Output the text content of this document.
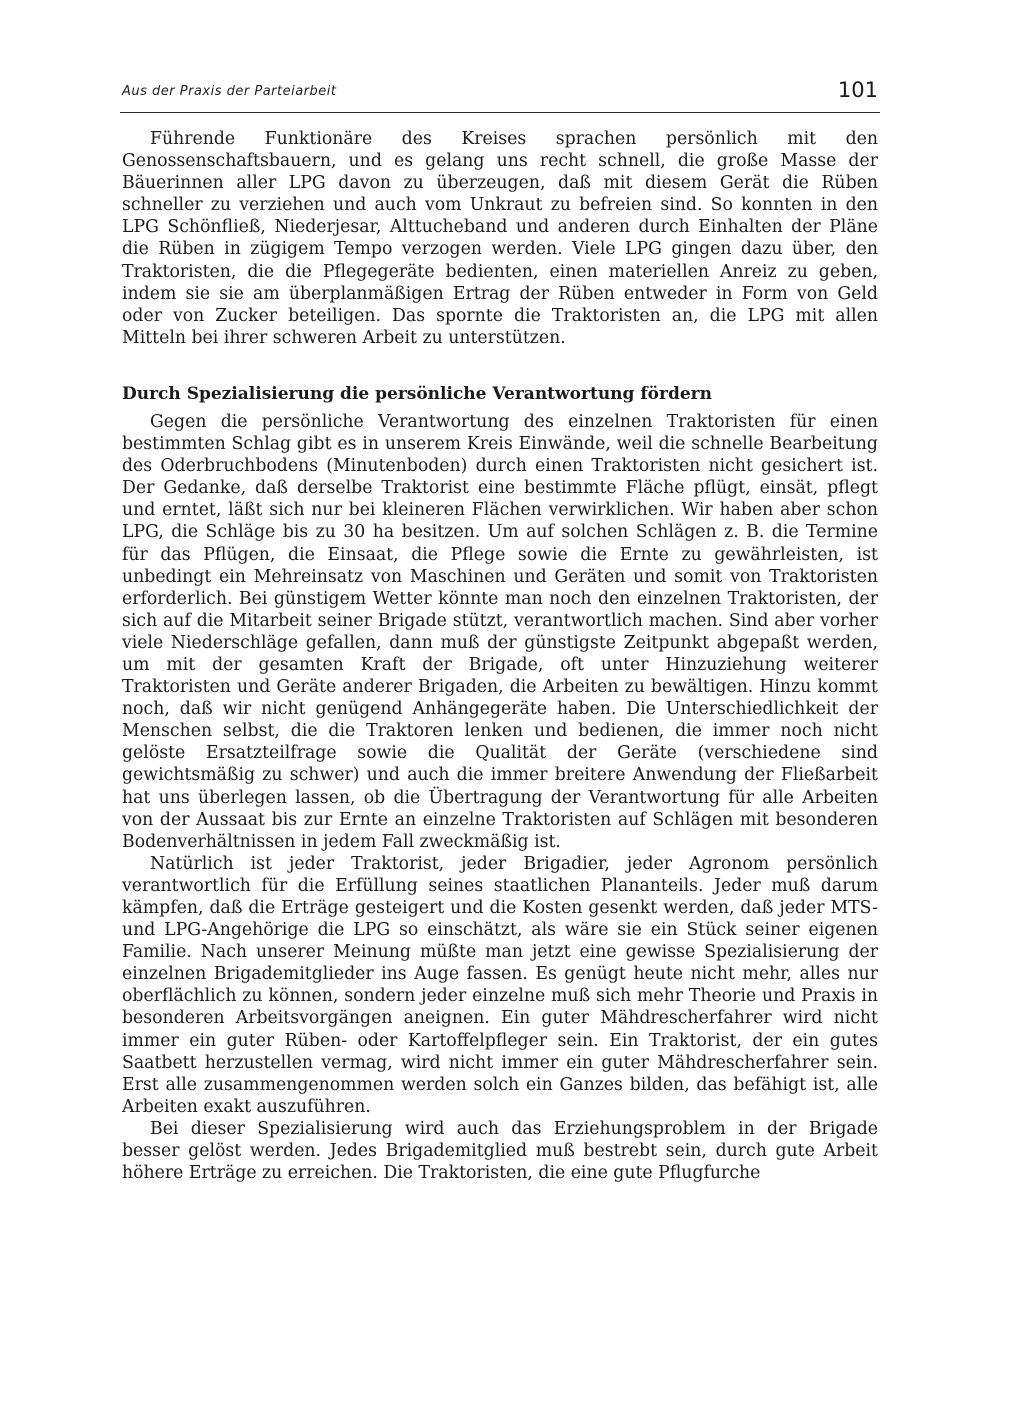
Aus der Praxis der Parteiarbeit	101

Führende Funktionäre des Kreises sprachen persönlich mit den Genossenschaftsbauern, und es gelang uns recht schnell, die große Masse der Bäuerinnen aller LPG davon zu überzeugen, daß mit diesem Gerät die Rüben schneller zu verziehen und auch vom Unkraut zu befreien sind. So konnten in den LPG Schönfließ, Niederjesar, Alttucheband und anderen durch Einhalten der Pläne die Rüben in zügigem Tempo verzogen werden. Viele LPG gingen dazu über, den Traktoristen, die die Pflegegeräte bedienten, einen materiellen Anreiz zu geben, indem sie sie am überplanmäßigen Ertrag der Rüben entweder in Form von Geld oder von Zucker beteiligen. Das spornte die Traktoristen an, die LPG mit allen Mitteln bei ihrer schweren Arbeit zu unterstützen.

Durch Spezialisierung die persönliche Verantwortung fördern

Gegen die persönliche Verantwortung des einzelnen Traktoristen für einen bestimmten Schlag gibt es in unserem Kreis Einwände, weil die schnelle Bearbeitung des Oderbruchbodens (Minutenboden) durch einen Traktoristen nicht gesichert ist. Der Gedanke, daß derselbe Traktorist eine bestimmte Fläche pflügt, einsät, pflegt und erntet, läßt sich nur bei kleineren Flächen verwirklichen. Wir haben aber schon LPG, die Schläge bis zu 30 ha besitzen. Um auf solchen Schlägen z. B. die Termine für das Pflügen, die Einsaat, die Pflege sowie die Ernte zu gewährleisten, ist unbedingt ein Mehreinsatz von Maschinen und Geräten und somit von Traktoristen erforderlich. Bei günstigem Wetter könnte man noch den einzelnen Traktoristen, der sich auf die Mitarbeit seiner Brigade stützt, verantwortlich machen. Sind aber vorher viele Niederschläge gefallen, dann muß der günstigste Zeitpunkt abgepaßt werden, um mit der gesamten Kraft der Brigade, oft unter Hinzuziehung weiterer Traktoristen und Geräte anderer Brigaden, die Arbeiten zu bewältigen. Hinzu kommt noch, daß wir nicht genügend Anhängegeräte haben. Die Unterschiedlichkeit der Menschen selbst, die die Traktoren lenken und bedienen, die immer noch nicht gelöste Ersatzteilfrage sowie die Qualität der Geräte (verschiedene sind gewichtsmäßig zu schwer) und auch die immer breitere Anwendung der Fließarbeit hat uns überlegen lassen, ob die Übertragung der Verantwortung für alle Arbeiten von der Aussaat bis zur Ernte an einzelne Traktoristen auf Schlägen mit besonderen Bodenverhältnissen in jedem Fall zweckmäßig ist.

Natürlich ist jeder Traktorist, jeder Brigadier, jeder Agronom persönlich verantwortlich für die Erfüllung seines staatlichen Plananteils. Jeder muß darum kämpfen, daß die Erträge gesteigert und die Kosten gesenkt werden, daß jeder MTS- und LPG-Angehörige die LPG so einschätzt, als wäre sie ein Stück seiner eigenen Familie. Nach unserer Meinung müßte man jetzt eine gewisse Spezialisierung der einzelnen Brigademitglieder ins Auge fassen. Es genügt heute nicht mehr, alles nur oberflächlich zu können, sondern jeder einzelne muß sich mehr Theorie und Praxis in besonderen Arbeitsvorgängen aneignen. Ein guter Mähdrescherfahrer wird nicht immer ein guter Rüben- oder Kartoffelpfleger sein. Ein Traktorist, der ein gutes Saatbett herzustellen vermag, wird nicht immer ein guter Mähdrescherfahrer sein. Erst alle zusammengenommen werden solch ein Ganzes bilden, das befähigt ist, alle Arbeiten exakt auszuführen.

Bei dieser Spezialisierung wird auch das Erziehungsproblem in der Brigade besser gelöst werden. Jedes Brigademitglied muß bestrebt sein, durch gute Arbeit höhere Erträge zu erreichen. Die Traktoristen, die eine gute Pflugfurche
